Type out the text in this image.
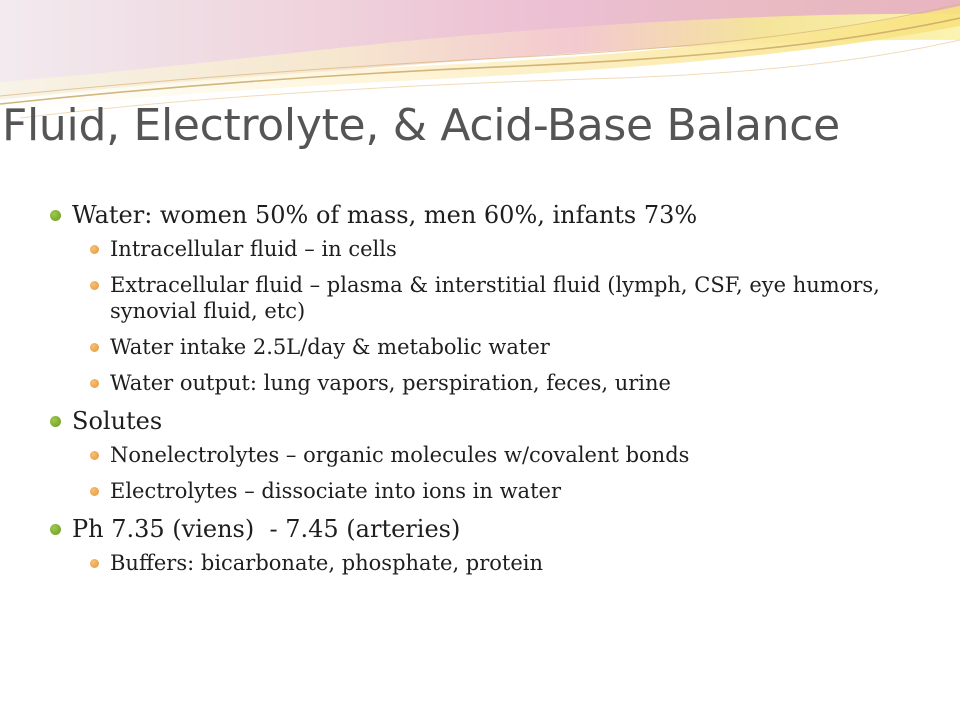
Fluid, Electrolyte, & Acid-Base Balance
Water: women 50% of mass, men 60%, infants 73%
Intracellular fluid – in cells
Extracellular fluid – plasma & interstitial fluid (lymph, CSF, eye humors, synovial fluid, etc)
Water intake 2.5L/day & metabolic water
Water output: lung vapors, perspiration, feces, urine
Solutes
Nonelectrolytes – organic molecules w/covalent bonds
Electrolytes – dissociate into ions in water
Ph 7.35 (viens)  - 7.45 (arteries)
Buffers: bicarbonate, phosphate, protein
